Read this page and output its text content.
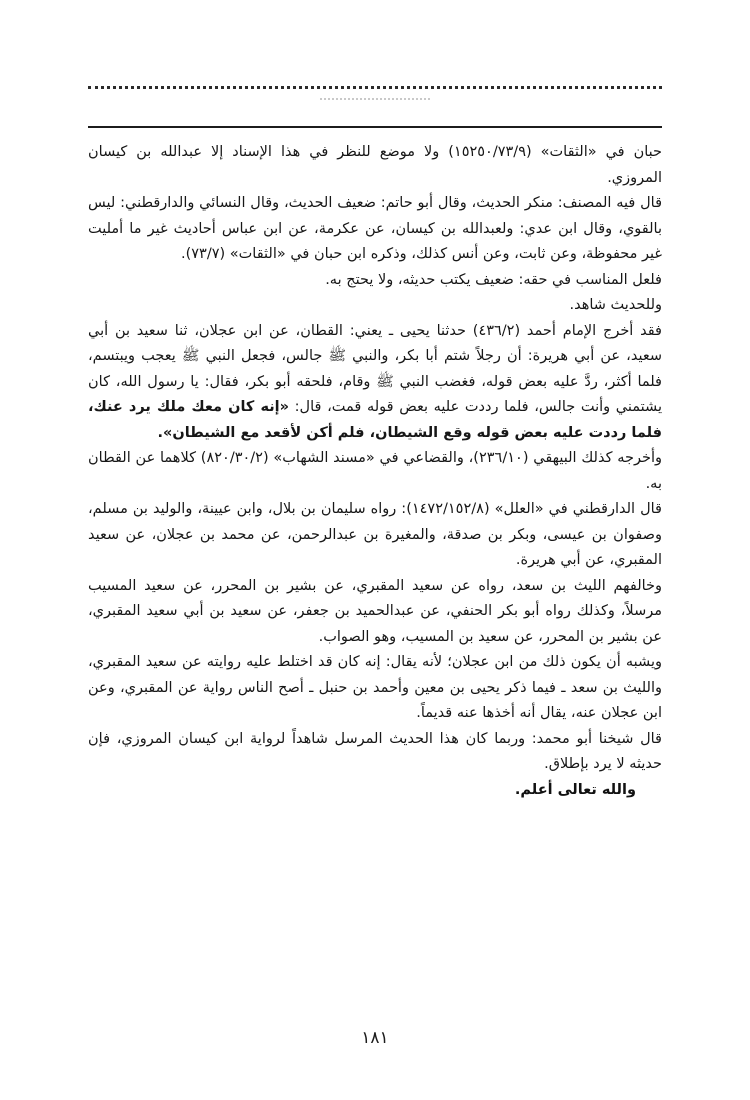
حبان في «الثقات» (١٥٢٥٠/٧٣/٩) ولا موضع للنظر في هذا الإسناد إلا عبدالله بن كيسان المروزي.

قال فيه المصنف: منكر الحديث، وقال أبو حاتم: ضعيف الحديث، وقال النسائي والدارقطني: ليس بالقوي، وقال ابن عدي: ولعبدالله بن كيسان، عن عكرمة، عن ابن عباس أحاديث غير ما أمليت غير محفوظة، وعن ثابت، وعن أنس كذلك، وذكره ابن حبان في «الثقات» (٧٣/٧).

فلعل المناسب في حقه: ضعيف يكتب حديثه، ولا يحتج به.

وللحديث شاهد.

فقد أخرج الإمام أحمد (٤٣٦/٢) حدثنا يحيى ـ يعني: القطان، عن ابن عجلان، ثنا سعيد بن أبي سعيد، عن أبي هريرة: أن رجلاً شتم أبا بكر، والنبي ﷺ جالس، فجعل النبي ﷺ يعجب ويبتسم، فلما أكثر، ردَّ عليه بعض قوله، فغضب النبي ﷺ وقام، فلحقه أبو بكر، فقال: يا رسول الله، كان يشتمني وأنت جالس، فلما رددت عليه بعض قوله قمت، قال: «إنه كان معك ملك يرد عنك، فلما رددت عليه بعض قوله وقع الشيطان، فلم أكن لأقعد مع الشيطان».

وأخرجه كذلك البيهقي (٢٣٦/١٠)، والقضاعي في «مسند الشهاب» (٨٢٠/٣٠/٢) كلاهما عن القطان به.

قال الدارقطني في «العلل» (١٤٧٢/١٥٢/٨): رواه سليمان بن بلال، وابن عيينة، والوليد بن مسلم، وصفوان بن عيسى، وبكر بن صدقة، والمغيرة بن عبدالرحمن، عن محمد بن عجلان، عن سعيد المقبري، عن أبي هريرة.

وخالفهم الليث بن سعد، رواه عن سعيد المقبري، عن بشير بن المحرر، عن سعيد المسيب مرسلاً، وكذلك رواه أبو بكر الحنفي، عن عبدالحميد بن جعفر، عن سعيد بن أبي سعيد المقبري، عن بشير بن المحرر، عن سعيد بن المسيب، وهو الصواب.

ويشبه أن يكون ذلك من ابن عجلان؛ لأنه يقال: إنه كان قد اختلط عليه روايته عن سعيد المقبري، والليث بن سعد ـ فيما ذكر يحيى بن معين وأحمد بن حنبل ـ أصح الناس رواية عن المقبري، وعن ابن عجلان عنه، يقال أنه أخذها عنه قديماً.

قال شيخنا أبو محمد: وربما كان هذا الحديث المرسل شاهداً لرواية ابن كيسان المروزي، فإن حديثه لا يرد بإطلاق.

والله تعالى أعلم.

١٨١
